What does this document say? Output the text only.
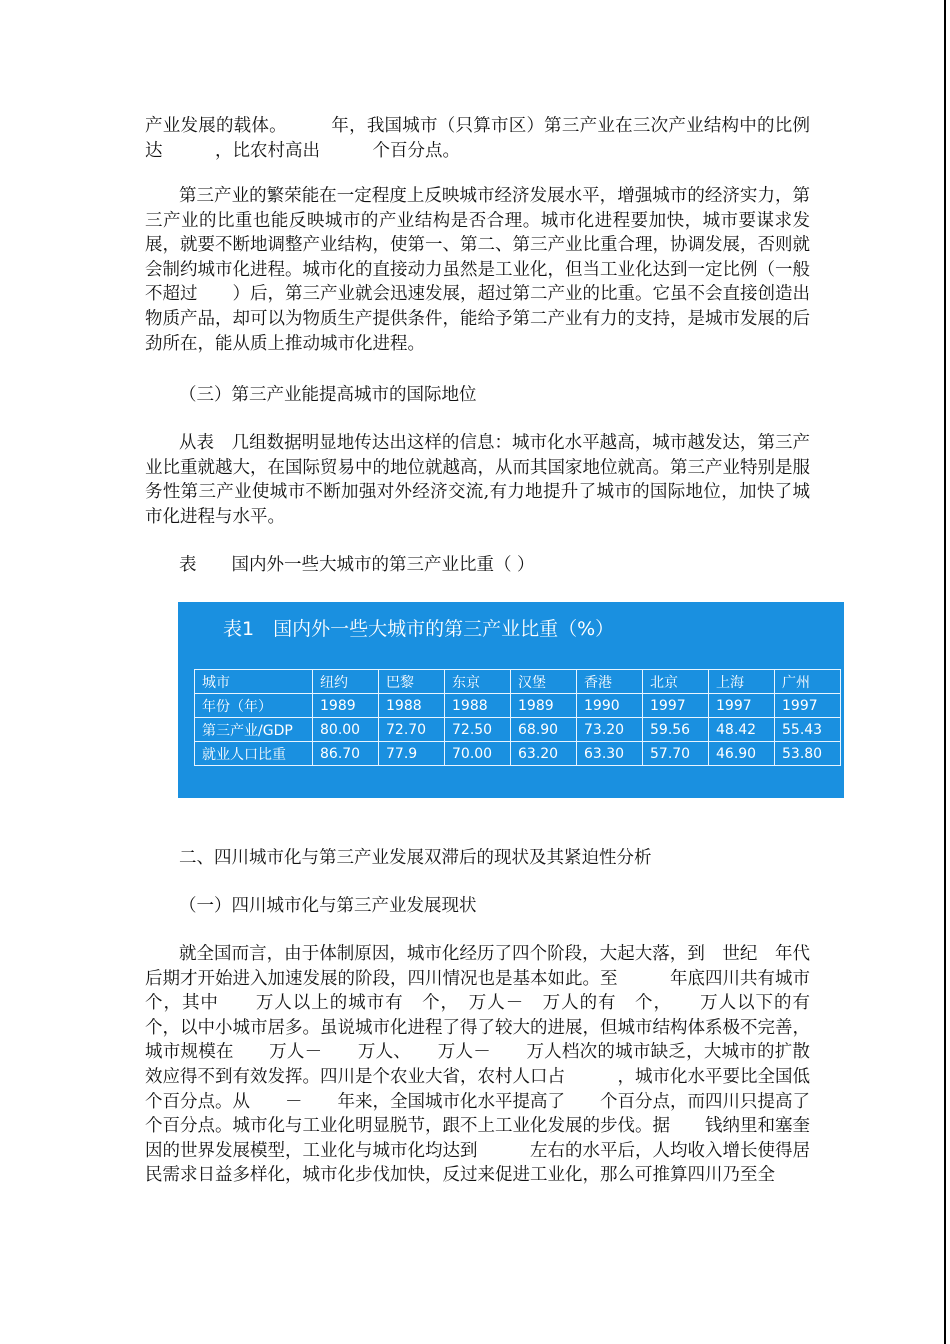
产业发展的载体。　　　年，我国城市（只算市区）第三产业在三次产业结构中的比例达　　　，比农村高出　　　个百分点。
第三产业的繁荣能在一定程度上反映城市经济发展水平，增强城市的经济实力，第三产业的比重也能反映城市的产业结构是否合理。城市化进程要加快，城市要谋求发展，就要不断地调整产业结构，使第一、第二、第三产业比重合理，协调发展，否则就会制约城市化进程。城市化的直接动力虽然是工业化，但当工业化达到一定比例（一般不超过　　）后，第三产业就会迅速发展，超过第二产业的比重。它虽不会直接创造出物质产品，却可以为物质生产提供条件，能给予第二产业有力的支持，是城市发展的后劲所在，能从质上推动城市化进程。
（三）第三产业能提高城市的国际地位
从表　几组数据明显地传达出这样的信息：城市化水平越高，城市越发达，第三产业比重就越大，在国际贸易中的地位就越高，从而其国家地位就高。第三产业特别是服务性第三产业使城市不断加强对外经济交流,有力地提升了城市的国际地位，加快了城市化进程与水平。
表　　国内外一些大城市的第三产业比重（ ）
表1　国内外一些大城市的第三产业比重（%）
城市	纽约	巴黎	东京	汉堡	香港	北京	上海	广州
年份（年）	1989	1988	1988	1989	1990	1997	1997	1997
第三产业/GDP	80.00	72.70	72.50	68.90	73.20	59.56	48.42	55.43
就业人口比重	86.70	77.9	70.00	63.20	63.30	57.70	46.90	53.80
二、四川城市化与第三产业发展双滞后的现状及其紧迫性分析
（一）四川城市化与第三产业发展现状
就全国而言，由于体制原因，城市化经历了四个阶段，大起大落，到　世纪　年代后期才开始进入加速发展的阶段，四川情况也是基本如此。至　　　年底四川共有城市　　个，其中　　万人以上的城市有　个，　万人－　万人的有　个，　　万人以下的有　　个，以中小城市居多。虽说城市化进程了得了较大的进展，但城市结构体系极不完善，城市规模在　　万人－　　万人、　　万人－　　万人档次的城市缺乏，大城市的扩散效应得不到有效发挥。四川是个农业大省，农村人口占　　　，城市化水平要比全国低　　　个百分点。从　　－　　年来，全国城市化水平提高了　　个百分点，而四川只提高了　　　个百分点。城市化与工业化明显脱节，跟不上工业化发展的步伐。据　　钱纳里和塞奎因的世界发展模型，工业化与城市化均达到　　　左右的水平后，人均收入增长使得居民需求日益多样化，城市化步伐加快，反过来促进工业化，那么可推算四川乃至全
